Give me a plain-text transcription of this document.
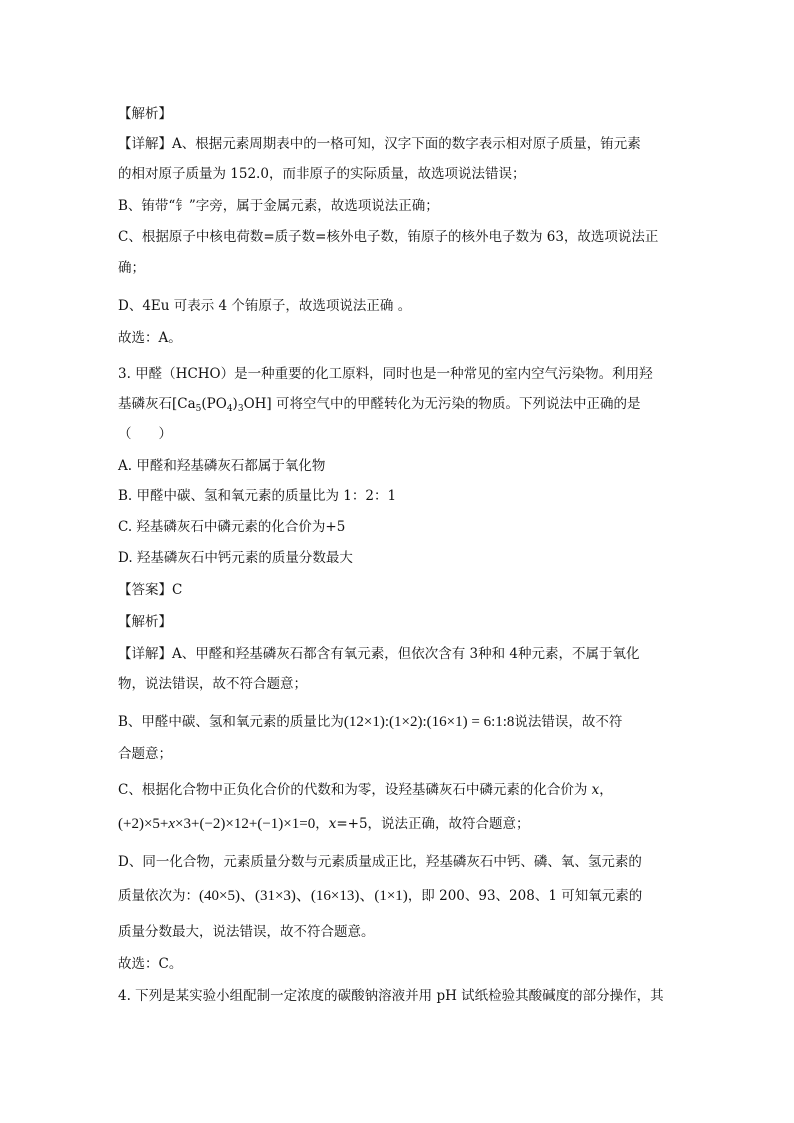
【解析】
【详解】A、根据元素周期表中的一格可知，汉字下面的数字表示相对原子质量，铕元素
的相对原子质量为 152.0，而非原子的实际质量，故选项说法错误；
B、铕带“钅”字旁，属于金属元素，故选项说法正确；
C、根据原子中核电荷数=质子数=核外电子数，铕原子的核外电子数为 63，故选项说法正
确；
D、4Eu 可表示 4 个铕原子，故选项说法正确 。
故选：A。
3. 甲醛（HCHO）是一种重要的化工原料，同时也是一种常见的室内空气污染物。利用羟
基磷灰石$[Ca_5(PO_4)_3OH]$ 可将空气中的甲醛转化为无污染的物质。下列说法中正确的是
（　　）
A. 甲醛和羟基磷灰石都属于氧化物
B. 甲醛中碳、氢和氧元素的质量比为 1：2：1
C. 羟基磷灰石中磷元素的化合价为+5
D. 羟基磷灰石中钙元素的质量分数最大
【答案】C
【解析】
【详解】A、甲醛和羟基磷灰石都含有氧元素，但依次含有 3种和 4种元素，不属于氧化
物，说法错误，故不符合题意；
B、甲醛中碳、氢和氧元素的质量比为(12×1):(1×2):(16×1) = 6:1:8说法错误，故不符
合题意；
C、根据化合物中正负化合价的代数和为零，设羟基磷灰石中磷元素的化合价为 x，
(+2)×5+x×3+(−2)×12+(−1)×1=0，x=+5，说法正确，故符合题意；
D、同一化合物，元素质量分数与元素质量成正比，羟基磷灰石中钙、磷、氧、氢元素的
质量依次为：(40×5)、(31×3)、(16×13)、(1×1)，即 200、93、208、1 可知氧元素的
质量分数最大，说法错误，故不符合题意。
故选：C。
4. 下列是某实验小组配制一定浓度的碳酸钠溶液并用 pH 试纸检验其酸碱度的部分操作，其
